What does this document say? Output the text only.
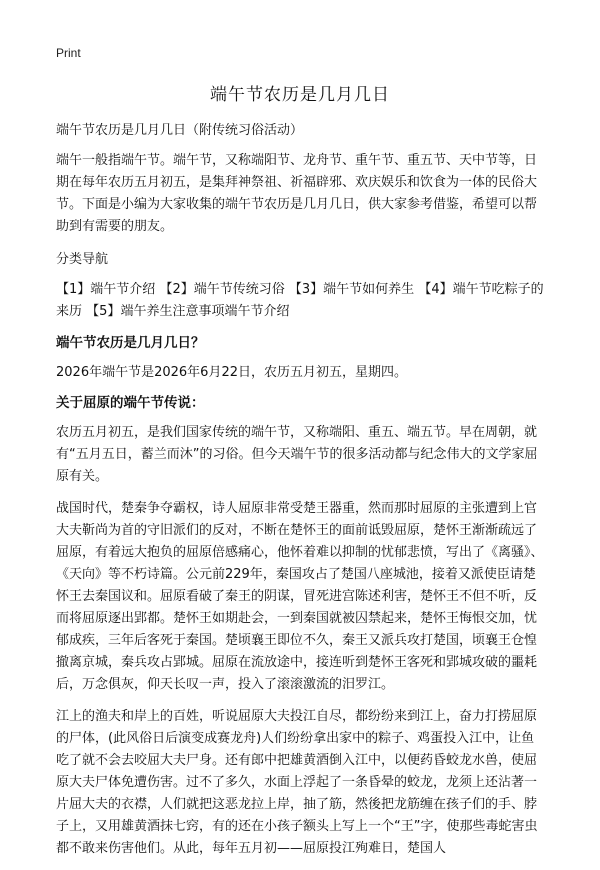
Print
端午节农历是几月几日

端午节农历是几月几日（附传统习俗活动）

端午一般指端午节。端午节，又称端阳节、龙舟节、重午节、重五节、天中节等，日期在每年农历五月初五，是集拜神祭祖、祈福辟邪、欢庆娱乐和饮食为一体的民俗大节。下面是小编为大家收集的端午节农历是几月几日，供大家参考借鉴，希望可以帮助到有需要的朋友。

分类导航

【1】端午节介绍 【2】端午节传统习俗 【3】端午节如何养生 【4】端午节吃粽子的来历 【5】端午养生注意事项端午节介绍

端午节农历是几月几日？

2026年端午节是2026年6月22日，农历五月初五，星期四。

关于屈原的端午节传说：

农历五月初五，是我们国家传统的端午节，又称端阳、重五、端五节。早在周朝，就有“五月五日，蓄兰而沐”的习俗。但今天端午节的很多活动都与纪念伟大的文学家屈原有关。

战国时代，楚秦争夺霸权，诗人屈原非常受楚王器重，然而那时屈原的主张遭到上官大夫靳尚为首的守旧派们的反对，不断在楚怀王的面前诋毁屈原，楚怀王渐渐疏远了屈原，有着远大抱负的屈原倍感痛心，他怀着难以抑制的忧郁悲愤，写出了《离骚》、《天向》等不朽诗篇。公元前229年，秦国攻占了楚国八座城池，接着又派使臣请楚怀王去秦国议和。屈原看破了秦王的阴谋，冒死进宫陈述利害，楚怀王不但不听，反而将屈原逐出郢都。楚怀王如期赴会，一到秦国就被囚禁起来，楚怀王悔恨交加，忧郁成疾，三年后客死于秦国。楚顷襄王即位不久，秦王又派兵攻打楚国，顷襄王仓惶撤离京城，秦兵攻占郢城。屈原在流放途中，接连听到楚怀王客死和郢城攻破的噩耗后，万念俱灰，仰天长叹一声，投入了滚滚激流的汨罗江。

江上的渔夫和岸上的百姓，听说屈原大夫投江自尽，都纷纷来到江上，奋力打捞屈原的尸体，(此风俗日后演变成赛龙舟)人们纷纷拿出家中的粽子、鸡蛋投入江中，让鱼吃了就不会去咬屈大夫尸身。还有郎中把雄黄酒倒入江中，以便药昏蛟龙水兽，使屈原大夫尸体免遭伤害。过不了多久，水面上浮起了一条昏晕的蛟龙，龙须上还沾著一片屈大夫的衣襟，人们就把这恶龙拉上岸，抽了筋，然後把龙筋缠在孩子们的手、脖子上，又用雄黄酒抹七窍，有的还在小孩子额头上写上一个“王”字，使那些毒蛇害虫都不敢来伤害他们。从此，每年五月初——屈原投江殉难日，楚国人
